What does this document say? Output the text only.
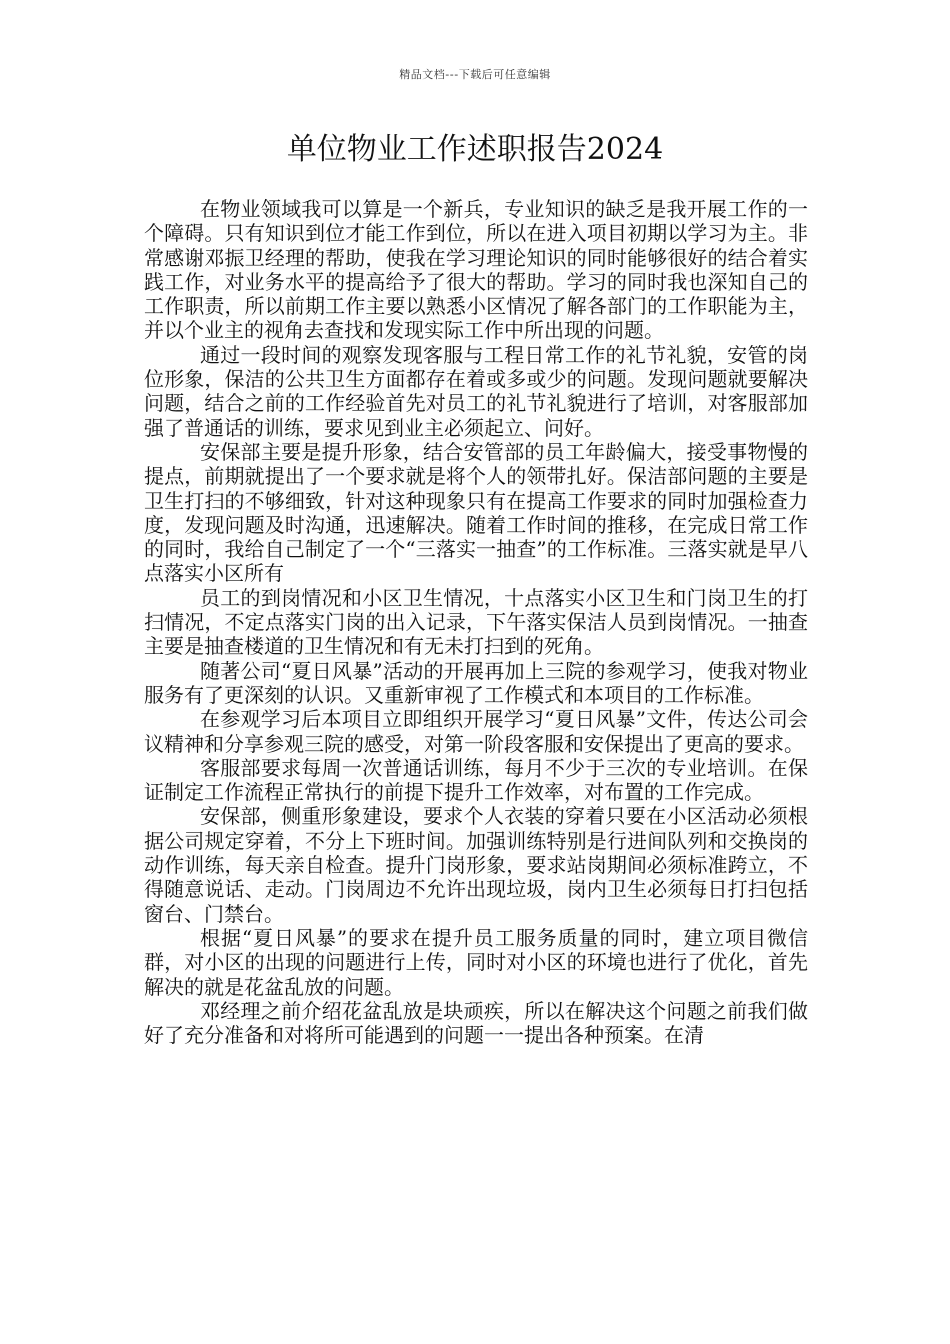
精品文档---下载后可任意编辑
单位物业工作述职报告2024

在物业领域我可以算是一个新兵，专业知识的缺乏是我开展工作的一个障碍。只有知识到位才能工作到位，所以在进入项目初期以学习为主。非常感谢邓振卫经理的帮助，使我在学习理论知识的同时能够很好的结合着实践工作，对业务水平的提高给予了很大的帮助。学习的同时我也深知自己的工作职责，所以前期工作主要以熟悉小区情况了解各部门的工作职能为主，并以个业主的视角去查找和发现实际工作中所出现的问题。

通过一段时间的观察发现客服与工程日常工作的礼节礼貌，安管的岗位形象，保洁的公共卫生方面都存在着或多或少的问题。发现问题就要解决问题，结合之前的工作经验首先对员工的礼节礼貌进行了培训，对客服部加强了普通话的训练，要求见到业主必须起立、问好。

安保部主要是提升形象，结合安管部的员工年龄偏大，接受事物慢的提点，前期就提出了一个要求就是将个人的领带扎好。保洁部问题的主要是卫生打扫的不够细致，针对这种现象只有在提高工作要求的同时加强检查力度，发现问题及时沟通，迅速解决。随着工作时间的推移，在完成日常工作的同时，我给自己制定了一个“三落实一抽查”的工作标准。三落实就是早八点落实小区所有

员工的到岗情况和小区卫生情况，十点落实小区卫生和门岗卫生的打扫情况，不定点落实门岗的出入记录，下午落实保洁人员到岗情况。一抽查主要是抽查楼道的卫生情况和有无未打扫到的死角。

随著公司“夏日风暴”活动的开展再加上三院的参观学习，使我对物业服务有了更深刻的认识。又重新审视了工作模式和本项目的工作标准。

在参观学习后本项目立即组织开展学习“夏日风暴”文件，传达公司会议精神和分享参观三院的感受，对第一阶段客服和安保提出了更高的要求。

客服部要求每周一次普通话训练，每月不少于三次的专业培训。在保证制定工作流程正常执行的前提下提升工作效率，对布置的工作完成。

安保部，侧重形象建设，要求个人衣装的穿着只要在小区活动必须根据公司规定穿着，不分上下班时间。加强训练特别是行进间队列和交换岗的动作训练，每天亲自检查。提升门岗形象，要求站岗期间必须标准跨立，不得随意说话、走动。门岗周边不允许出现垃圾，岗内卫生必须每日打扫包括窗台、门禁台。

根据“夏日风暴”的要求在提升员工服务质量的同时，建立项目微信群，对小区的出现的问题进行上传，同时对小区的环境也进行了优化，首先解决的就是花盆乱放的问题。

邓经理之前介绍花盆乱放是块顽疾，所以在解决这个问题之前我们做好了充分准备和对将所可能遇到的问题一一提出各种预案。在清
